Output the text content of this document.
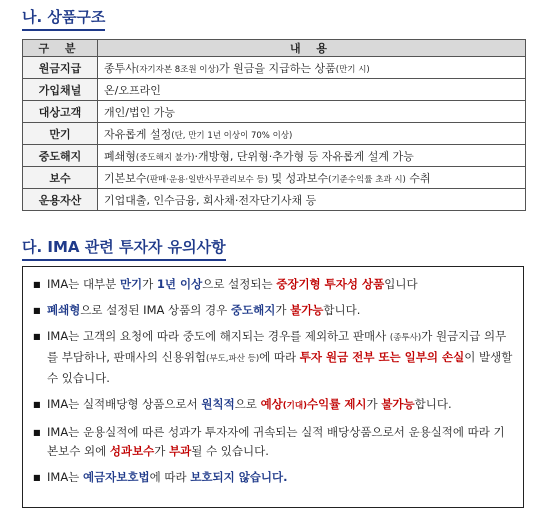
나. 상품구조
구 분	내 용
원금지급	종투사(자기자본 8조원 이상)가 원금을 지급하는 상품(만기 시)
가입채널	온/오프라인
대상고객	개인/법인 가능
만기	자유롭게 설정(단, 만기 1년 이상이 70% 이상)
중도해지	폐쇄형(중도해지 불가)·개방형, 단위형·추가형 등 자유롭게 설계 가능
보수	기본보수(판매·운용·일반사무관리보수 등) 및 성과보수(기준수익률 초과 시) 수취
운용자산	기업대출, 인수금융, 회사채·전자단기사채 등
다. IMA 관련 투자자 유의사항
■ IMA는 대부분 만기가 1년 이상으로 설정되는 중장기형 투자성 상품입니다
■ 폐쇄형으로 설정된 IMA 상품의 경우 중도해지가 불가능합니다.
■ IMA는 고객의 요청에 따라 중도에 해지되는 경우를 제외하고 판매사 (종투사)가 원금지급 의무를 부담하나, 판매사의 신용위험(부도,파산 등)에 따라 투자 원금 전부 또는 일부의 손실이 발생할 수 있습니다.
■ IMA는 실적배당형 상품으로서 원칙적으로 예상(기대)수익률 제시가 불가능합니다.
■ IMA는 운용실적에 따른 성과가 투자자에 귀속되는 실적 배당상품으로서 운용실적에 따라 기본보수 외에 성과보수가 부과될 수 있습니다.
■ IMA는 예금자보호법에 따라 보호되지 않습니다.
